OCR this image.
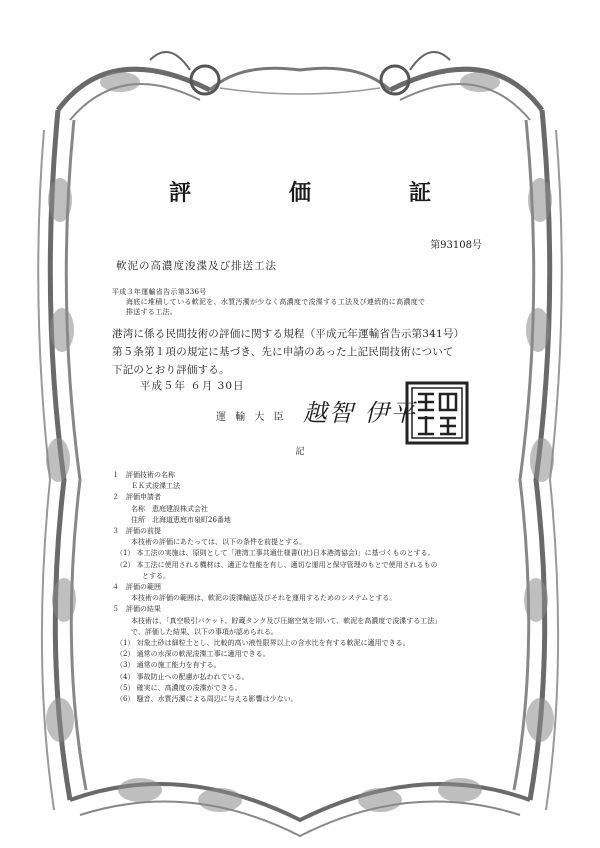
評　価　証
第93108号
軟泥の高濃度浚渫及び排送工法
平成３年運輸省告示第336号
海底に堆積している軟泥を、水質汚濁が少なく高濃度で浚渫する工法及び連続的に高濃度で
排送する工法。
港湾に係る民間技術の評価に関する規程（平成元年運輸省告示第341号）
第５条第１項の規定に基づき、先に申請のあった上記民間技術について
下記のとおり評価する。
平成５年 ６月 30日
運 輸 大 臣 越智 伊平
記
１　評価技術の名称
　ＥＫ式浚渫工法
２　評価申請者
　名称　恵庭建設株式会社
　住所　北海道恵庭市泉町26番地
３　評価の前提
　本技術の評価にあたっては、以下の条件を前提とする。
（1） 本工法の実施は、原則として「港湾工事共通仕様書((社)日本港湾協会)」に基づくものとする。
（2） 本工法に使用される機材は、適正な性能を有し、適切な運用と保守管理のもとで使用されるもの
　　とする。
４　評価の範囲
　本技術の評価の範囲は、軟泥の浚渫輸送及びそれを運用するためのシステムとする。
５　評価の結果
　本技術は、「真空吸引バケット、貯蔵タンク及び圧縮空気を用いて、軟泥を高濃度で浚渫する工法」
　で、評価した結果、以下の事項が認められる。
（1） 対象土砂は細粒土とし、比較的高い液性限界以上の含水比を有する軟泥に適用できる。
（2） 通常の水深の軟泥浚渫工事に適用できる。
（3） 通常の施工能力を有する。
（4） 事故防止への配慮が払われている。
（5） 確実に、高濃度の浚渫ができる。
（6） 騒音、水質汚濁による周辺に与える影響は少ない。
